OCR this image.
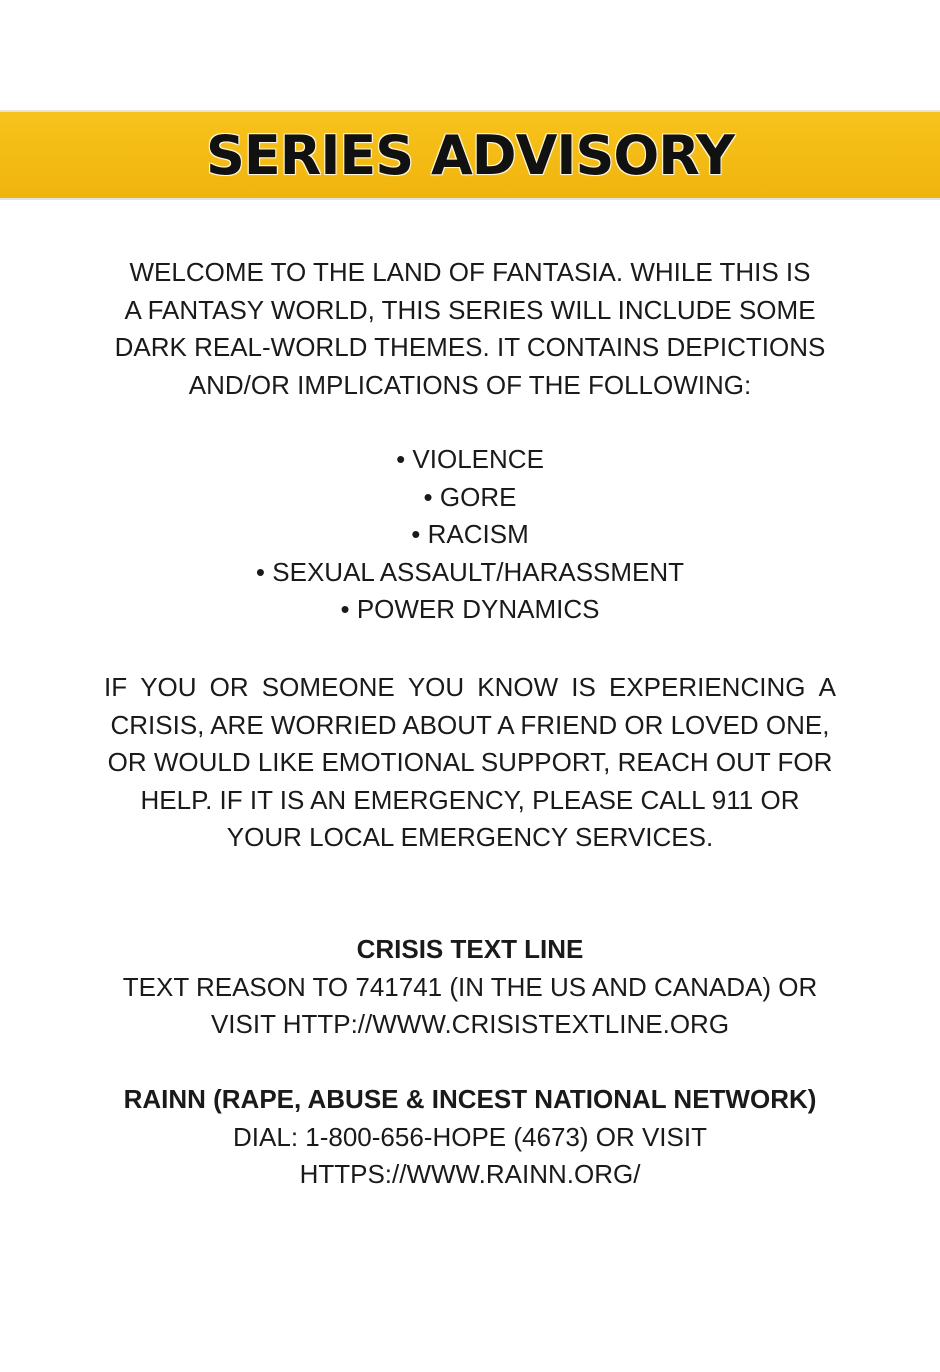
SERIES ADVISORY
WELCOME TO THE LAND OF FANTASIA. WHILE THIS IS
A FANTASY WORLD, THIS SERIES WILL INCLUDE SOME
DARK REAL-WORLD THEMES. IT CONTAINS DEPICTIONS
AND/OR IMPLICATIONS OF THE FOLLOWING:
• VIOLENCE
• GORE
• RACISM
• SEXUAL ASSAULT/HARASSMENT
• POWER DYNAMICS
IF YOU OR SOMEONE YOU KNOW IS EXPERIENCING A
CRISIS, ARE WORRIED ABOUT A FRIEND OR LOVED ONE,
OR WOULD LIKE EMOTIONAL SUPPORT, REACH OUT FOR
HELP. IF IT IS AN EMERGENCY, PLEASE CALL 911 OR
YOUR LOCAL EMERGENCY SERVICES.
CRISIS TEXT LINE
TEXT REASON TO 741741 (IN THE US AND CANADA) OR
VISIT HTTP://WWW.CRISISTEXTLINE.ORG
RAINN (RAPE, ABUSE & INCEST NATIONAL NETWORK)
DIAL: 1-800-656-HOPE (4673) OR VISIT
HTTPS://WWW.RAINN.ORG/
